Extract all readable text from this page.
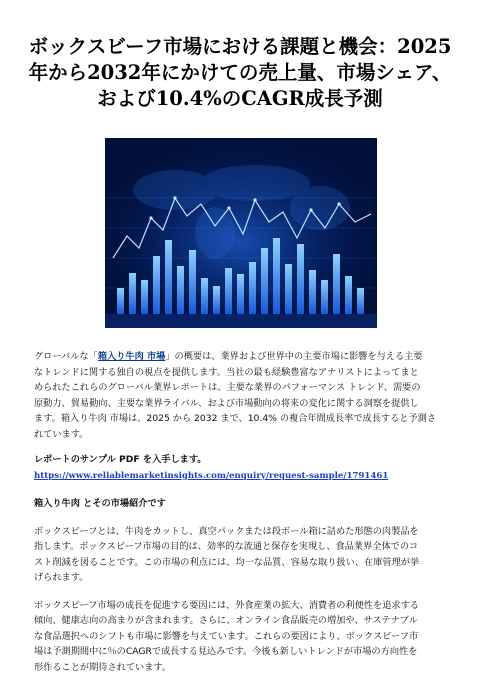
ボックスビーフ市場における課題と機会：2025
年から2032年にかけての売上量、市場シェア、
および10.4%のCAGR成長予測
グローバルな「箱入り牛肉 市場」の概要は、業界および世界中の主要市場に影響を与える主要
なトレンドに関する独自の視点を提供します。当社の最も経験豊富なアナリストによってまと
められたこれらのグローバル業界レポートは、主要な業界のパフォーマンス トレンド、需要の
原動力、貿易動向、主要な業界ライバル、および市場動向の将来の変化に関する洞察を提供し
ます。箱入り牛肉 市場は、2025 から 2032 まで、10.4% の複合年間成長率で成長すると予測さ
れています。
レポートのサンプル PDF を入手します。
https://www.reliablemarketinsights.com/enquiry/request-sample/1791461
箱入り牛肉 とその市場紹介です
ボックスビーフとは、牛肉をカットし、真空パックまたは段ボール箱に詰めた形態の肉製品を
指します。ボックスビーフ市場の目的は、効率的な流通と保存を実現し、食品業界全体でのコ
スト削減を図ることです。この市場の利点には、均一な品質、容易な取り扱い、在庫管理が挙
げられます。
ボックスビーフ市場の成長を促進する要因には、外食産業の拡大、消費者の利便性を追求する
傾向、健康志向の高まりが含まれます。さらに、オンライン食品販売の増加や、サステナブル
な食品選択へのシフトも市場に影響を与えています。これらの要因により、ボックスビーフ市
場は予測期間中に％のCAGRで成長する見込みです。今後も新しいトレンドが市場の方向性を
形作ることが期待されています。
